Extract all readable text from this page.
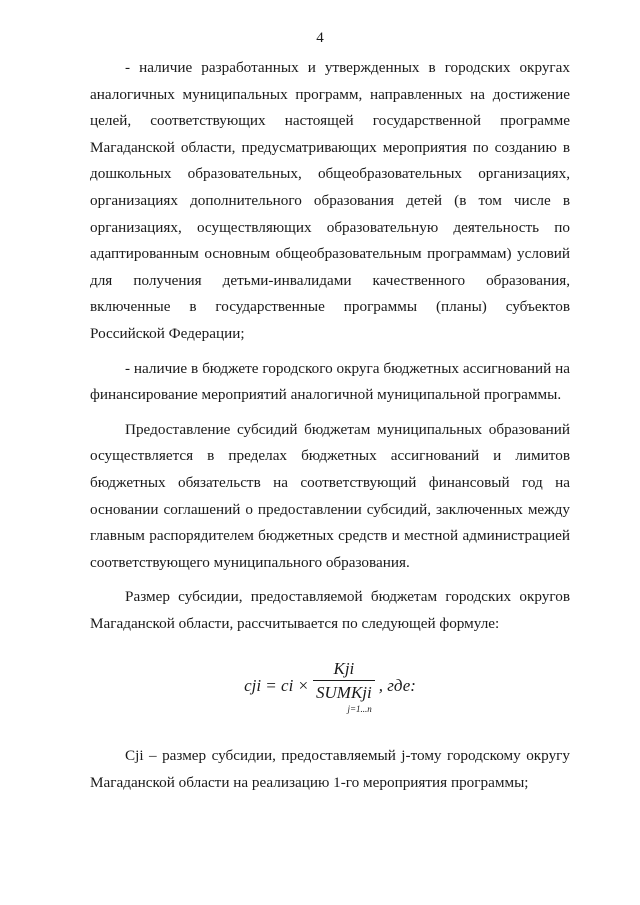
4

- наличие разработанных и утвержденных в городских округах аналогичных муниципальных программ, направленных на достижение целей, соответствующих настоящей государственной программе Магаданской области, предусматривающих мероприятия по созданию в дошкольных образовательных, общеобразовательных организациях, организациях дополнительного образования детей (в том числе в организациях, осуществляющих образовательную деятельность по адаптированным основным общеобразовательным программам) условий для получения детьми-инвалидами качественного образования, включенные в государственные программы (планы) субъектов Российской Федерации;

- наличие в бюджете городского округа бюджетных ассигнований на финансирование мероприятий аналогичной муниципальной программы.

Предоставление субсидий бюджетам муниципальных образований осуществляется в пределах бюджетных ассигнований и лимитов бюджетных обязательств на соответствующий финансовый год на основании соглашений о предоставлении субсидий, заключенных между главным распорядителем бюджетных средств и местной администрацией соответствующего муниципального образования.

Размер субсидии, предоставляемой бюджетам городских округов Магаданской области, рассчитывается по следующей формуле:

cji = ci × Kji
SUMKji
j=1...n , где:

Cji – размер субсидии, предоставляемый j-тому городскому округу Магаданской области на реализацию 1-го мероприятия программы;
